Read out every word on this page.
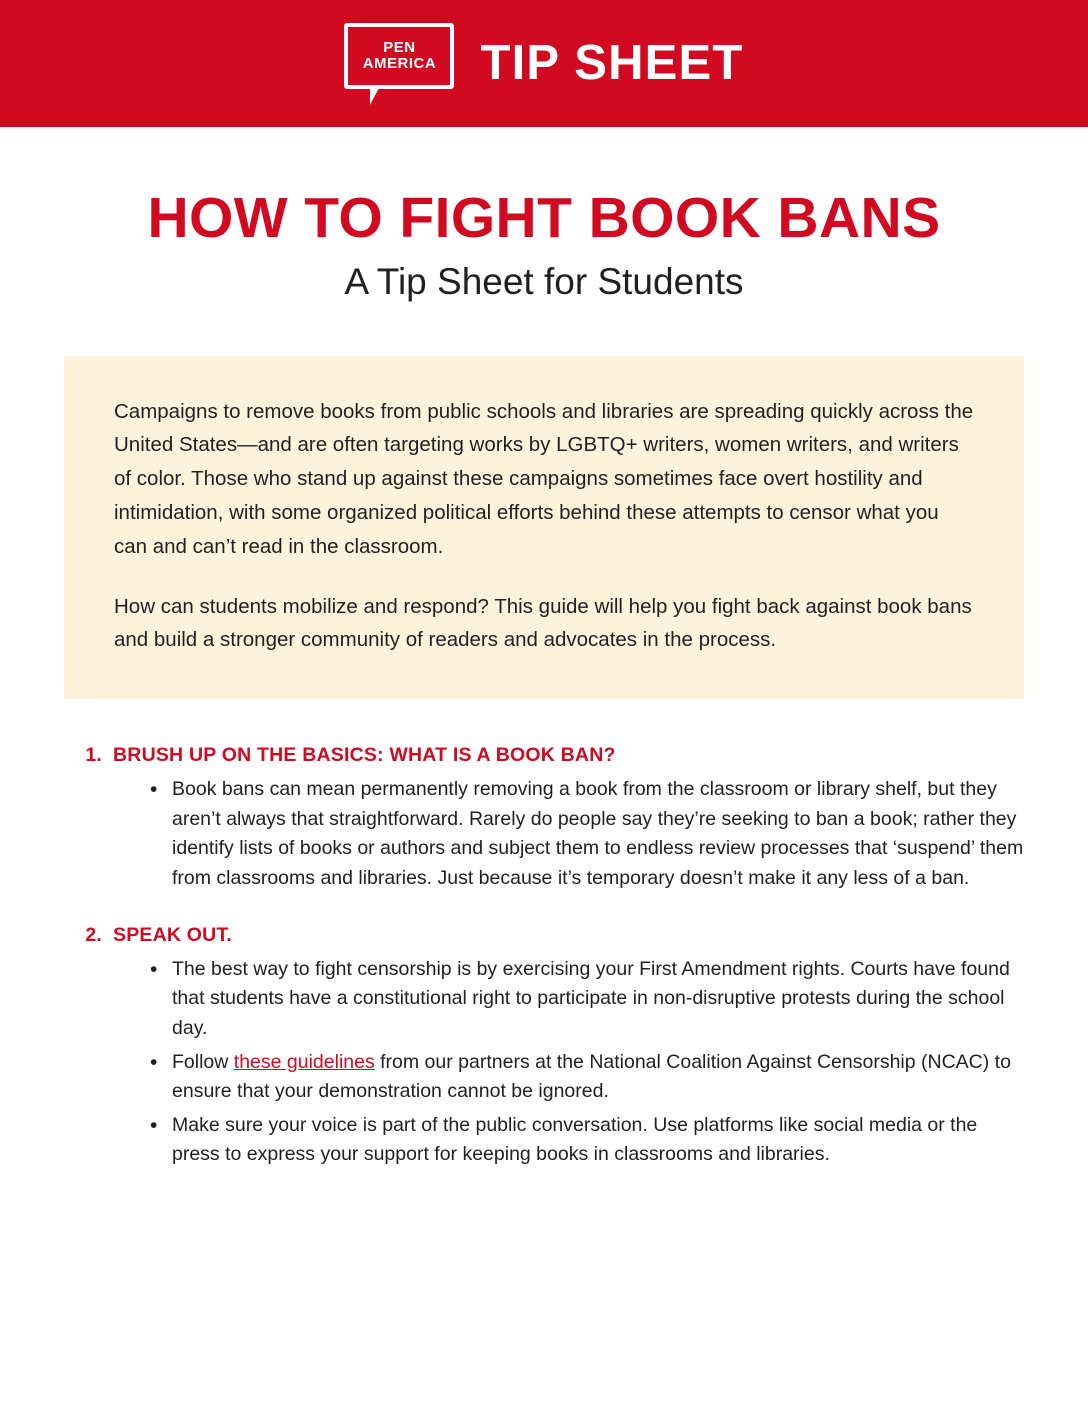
PEN
AMERICA TIP SHEET
HOW TO FIGHT BOOK BANS
A Tip Sheet for Students

Campaigns to remove books from public schools and libraries are spreading quickly across the United States—and are often targeting works by LGBTQ+ writers, women writers, and writers of color. Those who stand up against these campaigns sometimes face overt hostility and intimidation, with some organized political efforts behind these attempts to censor what you can and can’t read in the classroom.

How can students mobilize and respond? This guide will help you fight back against book bans and build a stronger community of readers and advocates in the process.

1. BRUSH UP ON THE BASICS: WHAT IS A BOOK BAN?
• Book bans can mean permanently removing a book from the classroom or library shelf, but they aren’t always that straightforward. Rarely do people say they’re seeking to ban a book; rather they identify lists of books or authors and subject them to endless review processes that ‘suspend’ them from classrooms and libraries. Just because it’s temporary doesn’t make it any less of a ban.
2. SPEAK OUT.
• The best way to fight censorship is by exercising your First Amendment rights. Courts have found that students have a constitutional right to participate in non-disruptive protests during the school day.
• Follow these guidelines from our partners at the National Coalition Against Censorship (NCAC) to ensure that your demonstration cannot be ignored.
• Make sure your voice is part of the public conversation. Use platforms like social media or the press to express your support for keeping books in classrooms and libraries.
